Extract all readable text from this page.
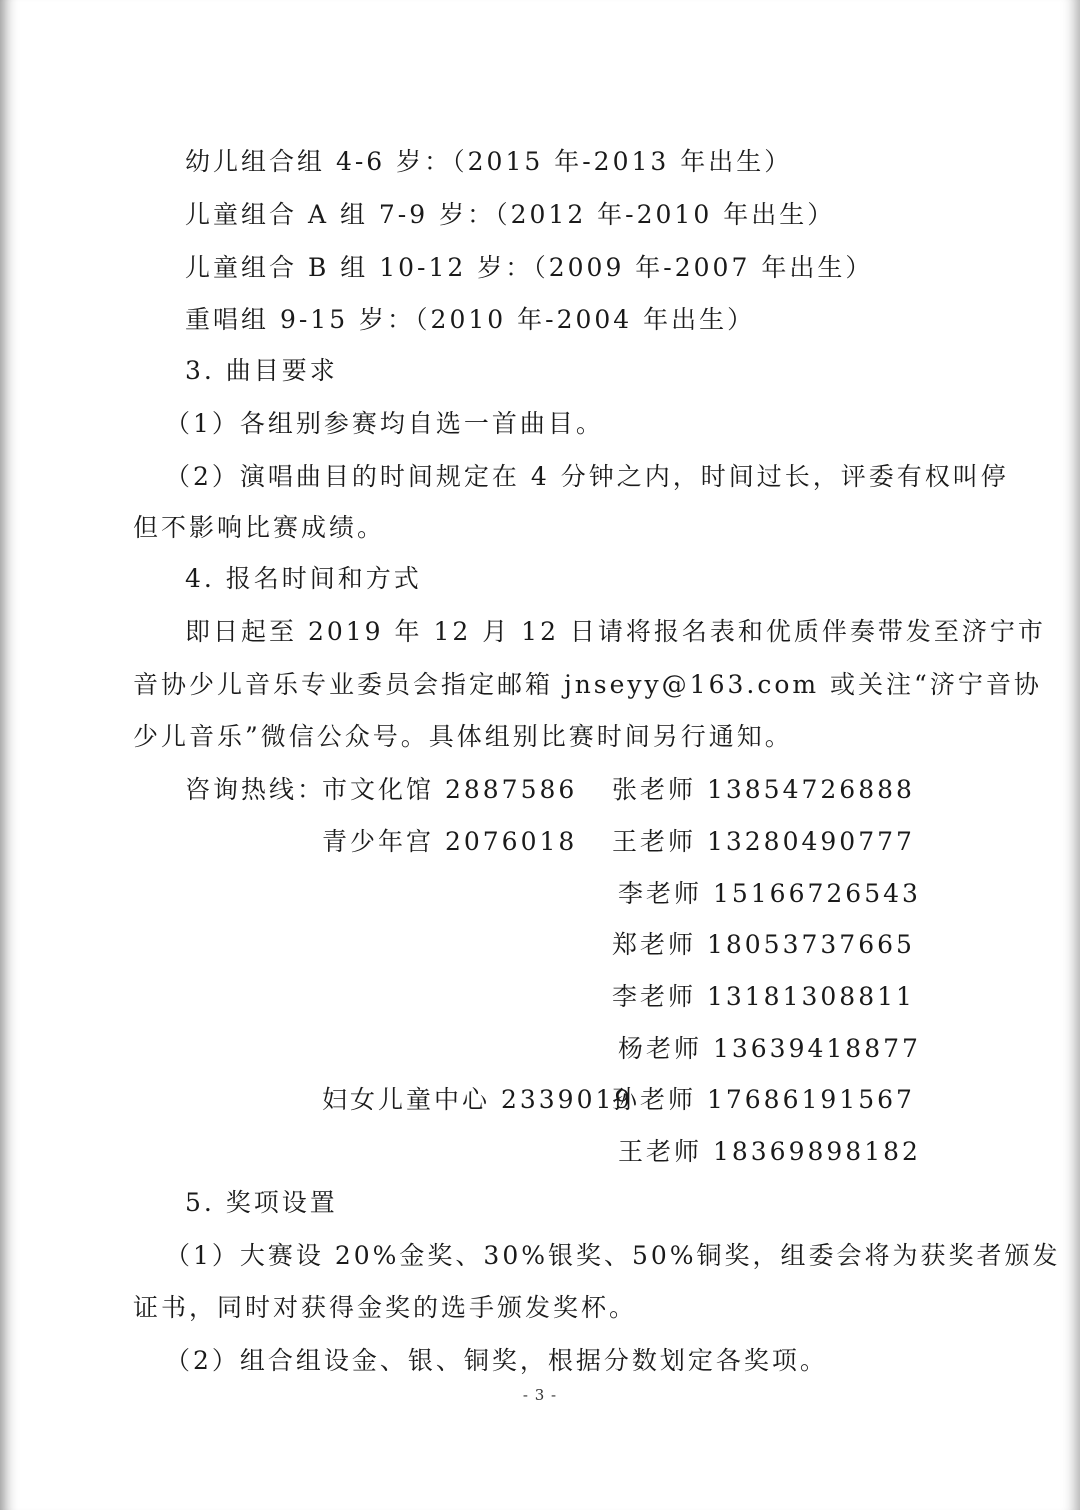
幼儿组合组 4-6 岁：（2015 年-2013 年出生）
儿童组合 A 组 7-9 岁：（2012 年-2010 年出生）
儿童组合 B 组 10-12 岁：（2009 年-2007 年出生）
重唱组 9-15 岁：（2010 年-2004 年出生）
3. 曲目要求
（1）各组别参赛均自选一首曲目。
（2）演唱曲目的时间规定在 4 分钟之内，时间过长，评委有权叫停
但不影响比赛成绩。
4. 报名时间和方式
即日起至 2019 年 12 月 12 日请将报名表和优质伴奏带发至济宁市
音协少儿音乐专业委员会指定邮箱 jnseyy@163.com 或关注“济宁音协
少儿音乐”微信公众号。具体组别比赛时间另行通知。
咨询热线：
市文化馆 2887586
青少年宫 2076018
妇女儿童中心 2339019
张老师 13854726888
王老师 13280490777
李老师 15166726543
郑老师 18053737665
李老师 13181308811
杨老师 13639418877
孙老师 17686191567
王老师 18369898182
5. 奖项设置
（1）大赛设 20%金奖、30%银奖、50%铜奖，组委会将为获奖者颁发
证书，同时对获得金奖的选手颁发奖杯。
（2）组合组设金、银、铜奖，根据分数划定各奖项。
- 3 -
